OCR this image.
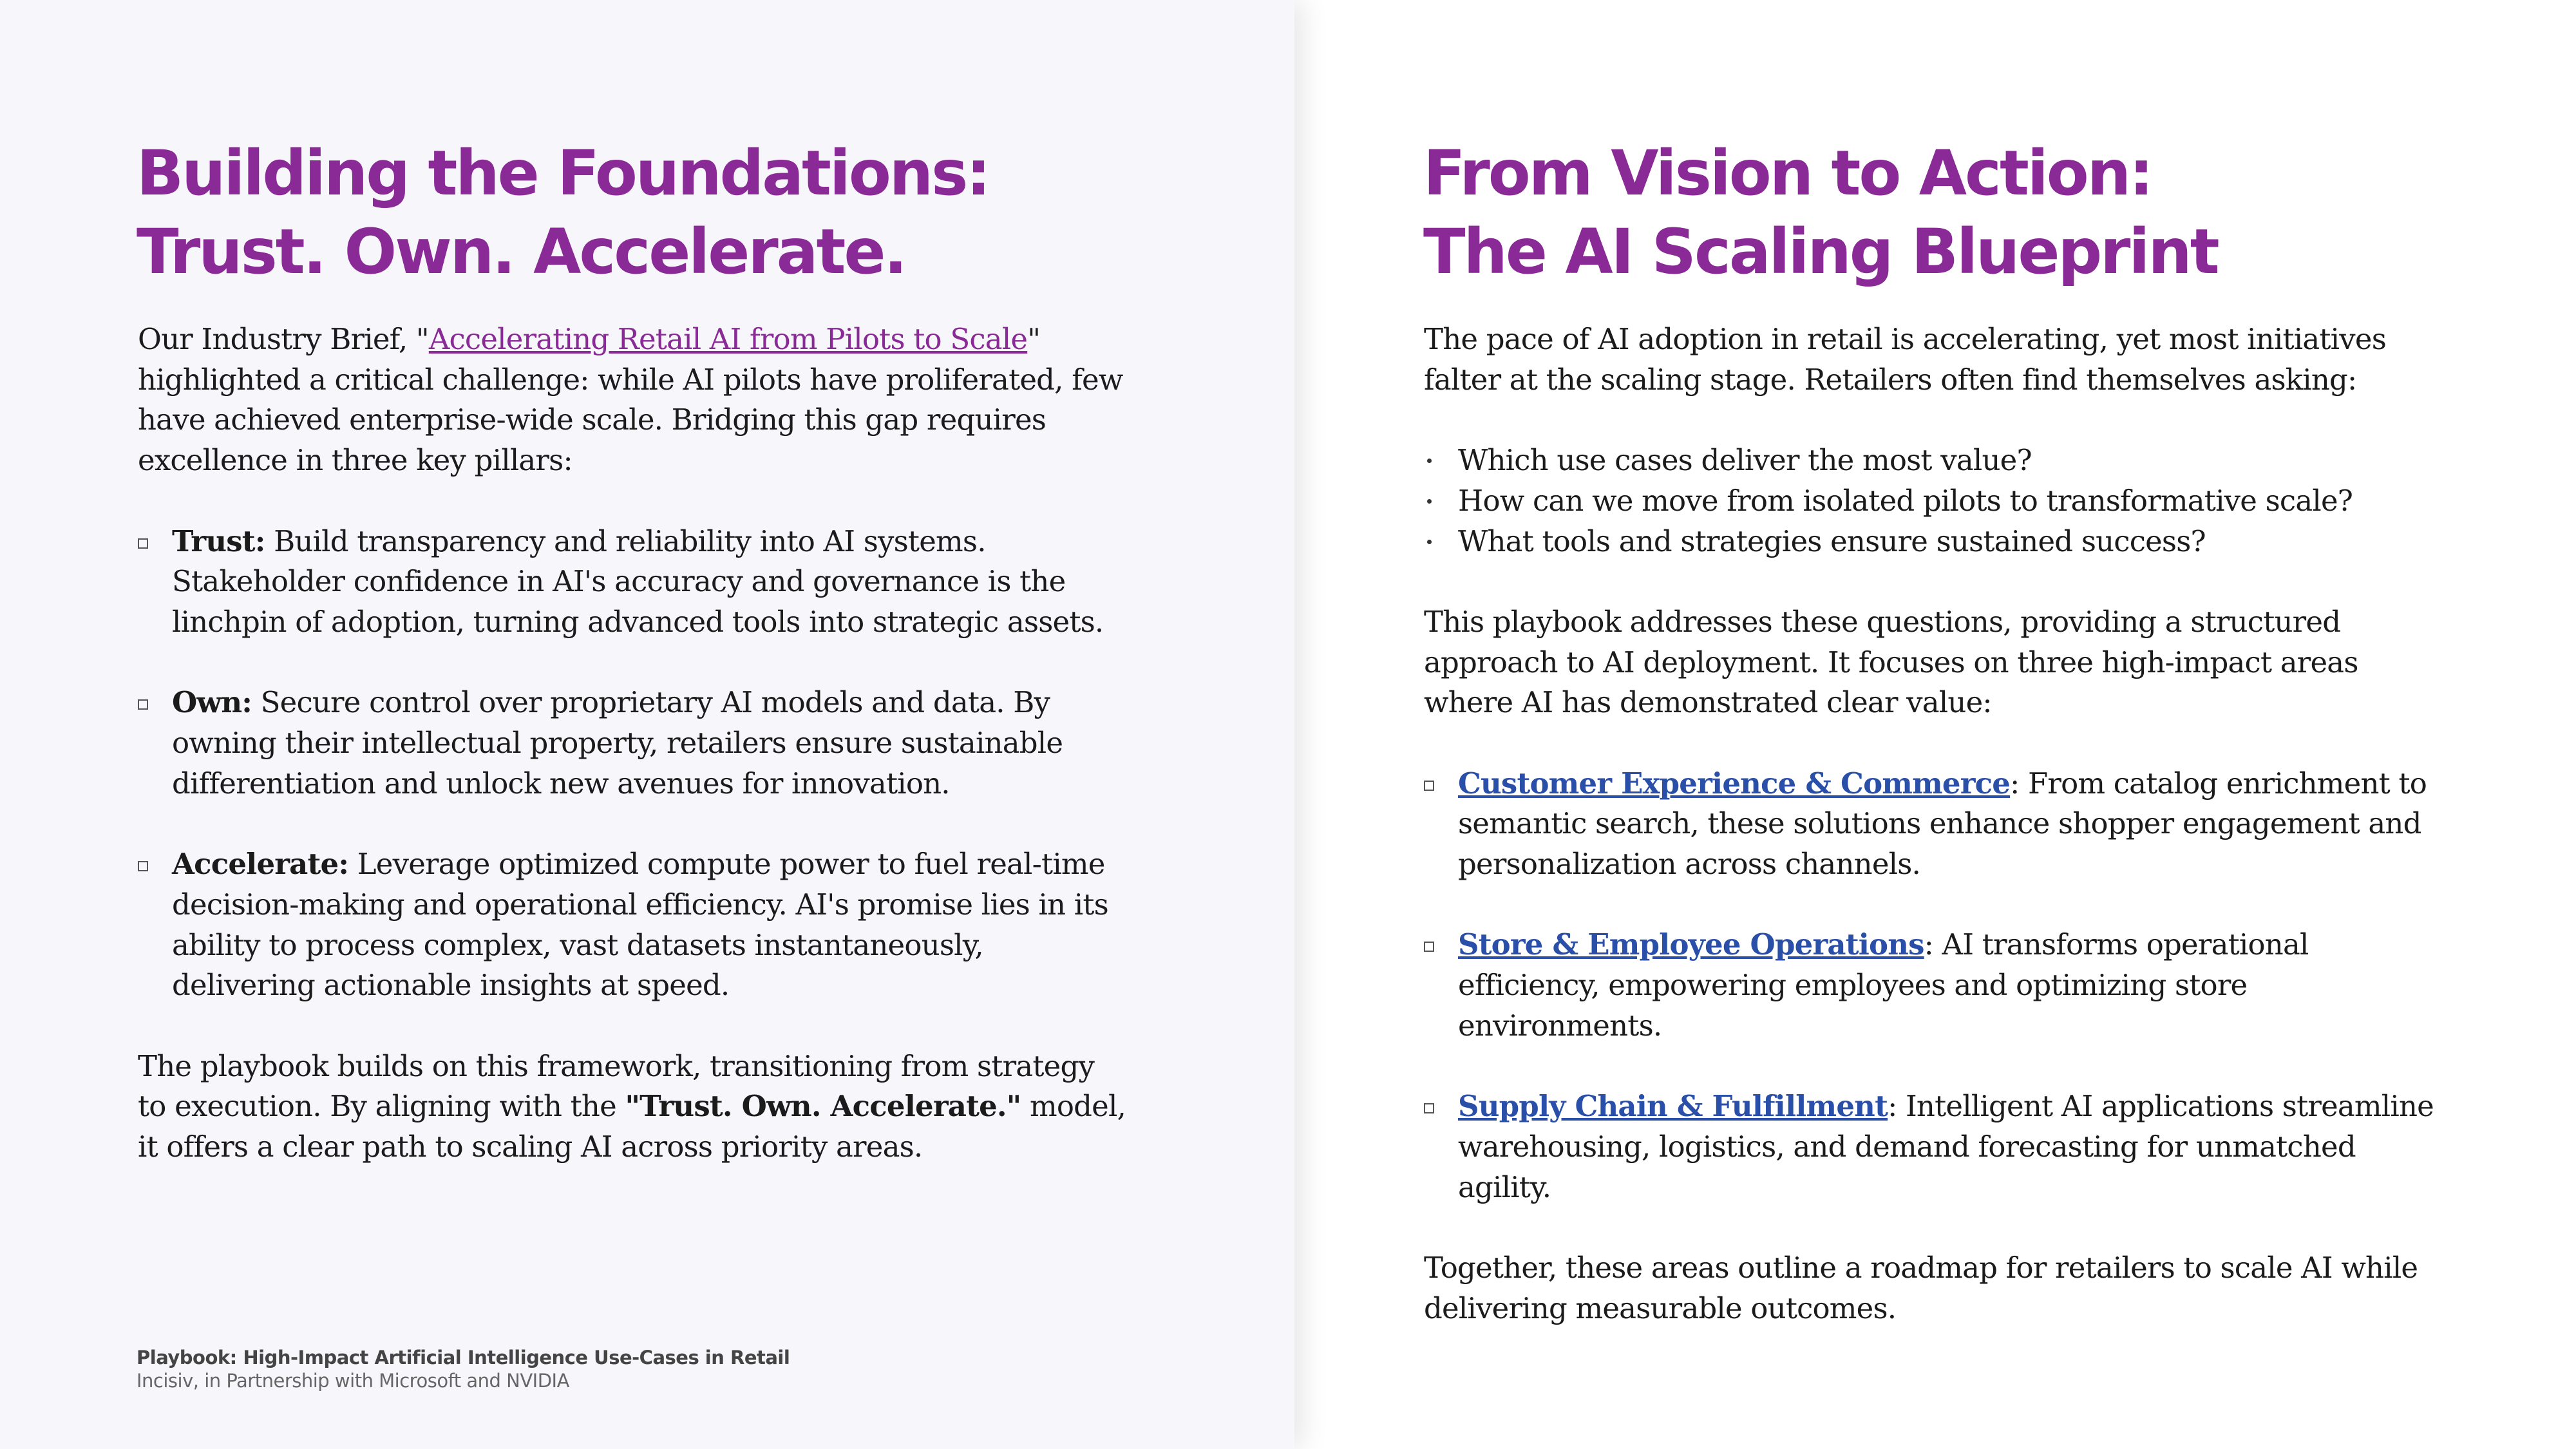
Building the Foundations:
Trust. Own. Accelerate.

Our Industry Brief, "Accelerating Retail AI from Pilots to Scale" highlighted a critical challenge: while AI pilots have proliferated, few have achieved enterprise-wide scale. Bridging this gap requires excellence in three key pillars:

Trust: Build transparency and reliability into AI systems. Stakeholder confidence in AI's accuracy and governance is the linchpin of adoption, turning advanced tools into strategic assets.

Own: Secure control over proprietary AI models and data. By owning their intellectual property, retailers ensure sustainable differentiation and unlock new avenues for innovation.

Accelerate: Leverage optimized compute power to fuel real-time decision-making and operational efficiency. AI's promise lies in its ability to process complex, vast datasets instantaneously, delivering actionable insights at speed.

The playbook builds on this framework, transitioning from strategy to execution. By aligning with the "Trust. Own. Accelerate." model, it offers a clear path to scaling AI across priority areas.

Playbook: High-Impact Artificial Intelligence Use-Cases in Retail
Incisiv, in Partnership with Microsoft and NVIDIA
From Vision to Action:
The AI Scaling Blueprint

The pace of AI adoption in retail is accelerating, yet most initiatives falter at the scaling stage. Retailers often find themselves asking:

Which use cases deliver the most value?

How can we move from isolated pilots to transformative scale?

What tools and strategies ensure sustained success?

This playbook addresses these questions, providing a structured approach to AI deployment. It focuses on three high-impact areas where AI has demonstrated clear value:

Customer Experience & Commerce: From catalog enrichment to semantic search, these solutions enhance shopper engagement and personalization across channels.

Store & Employee Operations: AI transforms operational efficiency, empowering employees and optimizing store environments.

Supply Chain & Fulfillment: Intelligent AI applications streamline warehousing, logistics, and demand forecasting for unmatched agility.

Together, these areas outline a roadmap for retailers to scale AI while delivering measurable outcomes.
